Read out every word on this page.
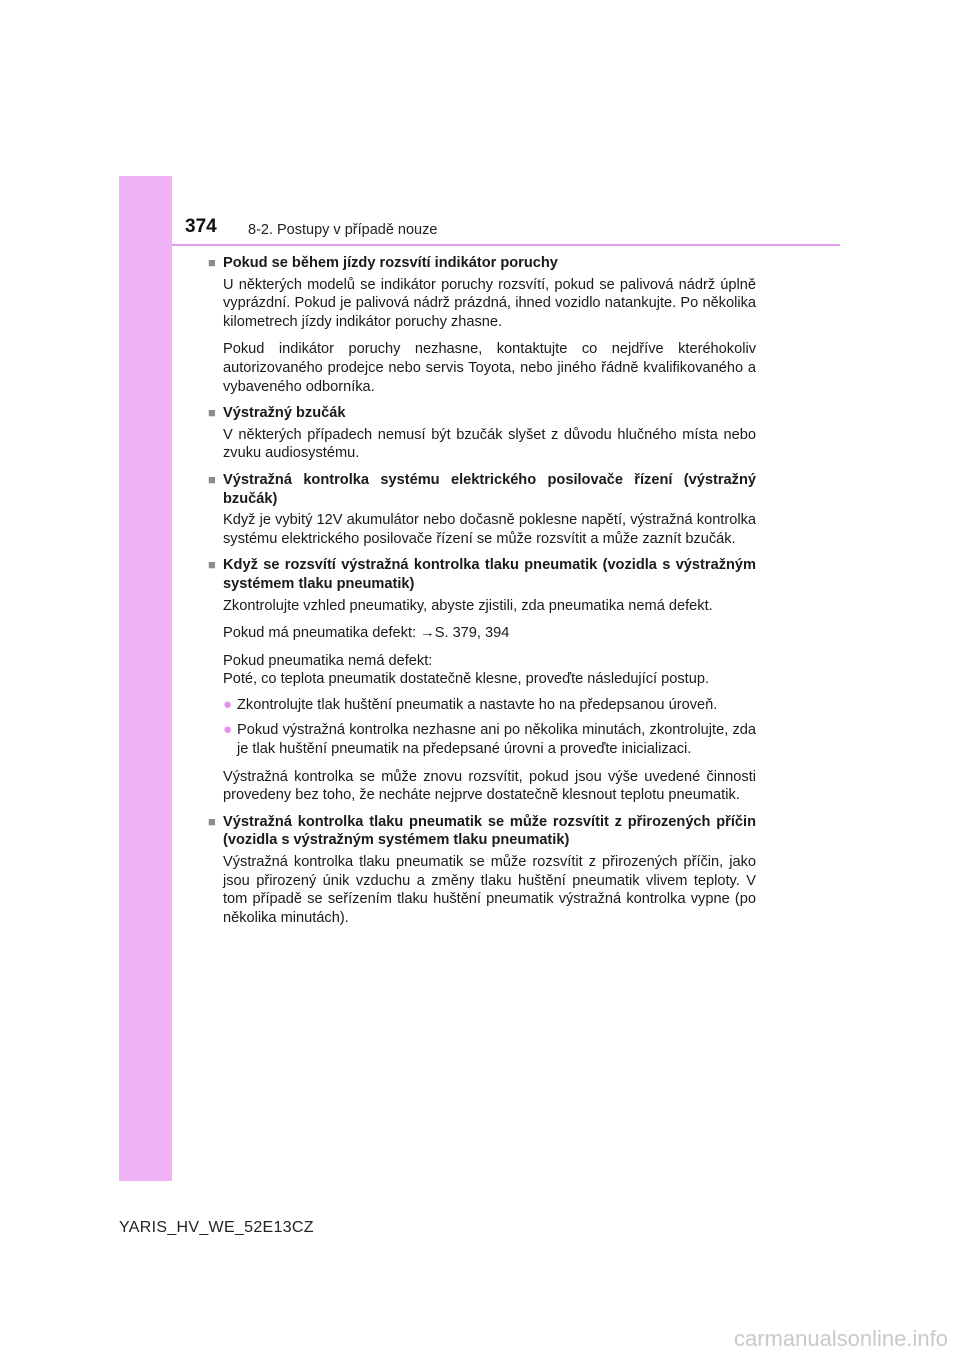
374 8-2. Postupy v případě nouze
■ Pokud se během jízdy rozsvítí indikátor poruchy
U některých modelů se indikátor poruchy rozsvítí, pokud se palivová nádrž úplně vyprázdní. Pokud je palivová nádrž prázdná, ihned vozidlo natankujte. Po několika kilometrech jízdy indikátor poruchy zhasne.
Pokud indikátor poruchy nezhasne, kontaktujte co nejdříve kteréhokoliv autorizovaného prodejce nebo servis Toyota, nebo jiného řádně kvalifikovaného a vybaveného odborníka.
■ Výstražný bzučák
V některých případech nemusí být bzučák slyšet z důvodu hlučného místa nebo zvuku audiosystému.
■ Výstražná kontrolka systému elektrického posilovače řízení (výstražný bzučák)
Když je vybitý 12V akumulátor nebo dočasně poklesne napětí, výstražná kontrolka systému elektrického posilovače řízení se může rozsvítit a může zaznít bzučák.
■ Když se rozsvítí výstražná kontrolka tlaku pneumatik (vozidla s výstražným systémem tlaku pneumatik)
Zkontrolujte vzhled pneumatiky, abyste zjistili, zda pneumatika nemá defekt.
Pokud má pneumatika defekt: →S. 379, 394
Pokud pneumatika nemá defekt:
Poté, co teplota pneumatik dostatečně klesne, proveďte následující postup.
● Zkontrolujte tlak huštění pneumatik a nastavte ho na předepsanou úroveň.
● Pokud výstražná kontrolka nezhasne ani po několika minutách, zkontrolujte, zda je tlak huštění pneumatik na předepsané úrovni a proveďte inicializaci.
Výstražná kontrolka se může znovu rozsvítit, pokud jsou výše uvedené činnosti provedeny bez toho, že necháte nejprve dostatečně klesnout teplotu pneumatik.
■ Výstražná kontrolka tlaku pneumatik se může rozsvítit z přirozených příčin (vozidla s výstražným systémem tlaku pneumatik)
Výstražná kontrolka tlaku pneumatik se může rozsvítit z přirozených příčin, jako jsou přirozený únik vzduchu a změny tlaku huštění pneumatik vlivem teploty. V tom případě se seřízením tlaku huštění pneumatik výstražná kontrolka vypne (po několika minutách).
YARIS_HV_WE_52E13CZ
carmanualsonline.info
